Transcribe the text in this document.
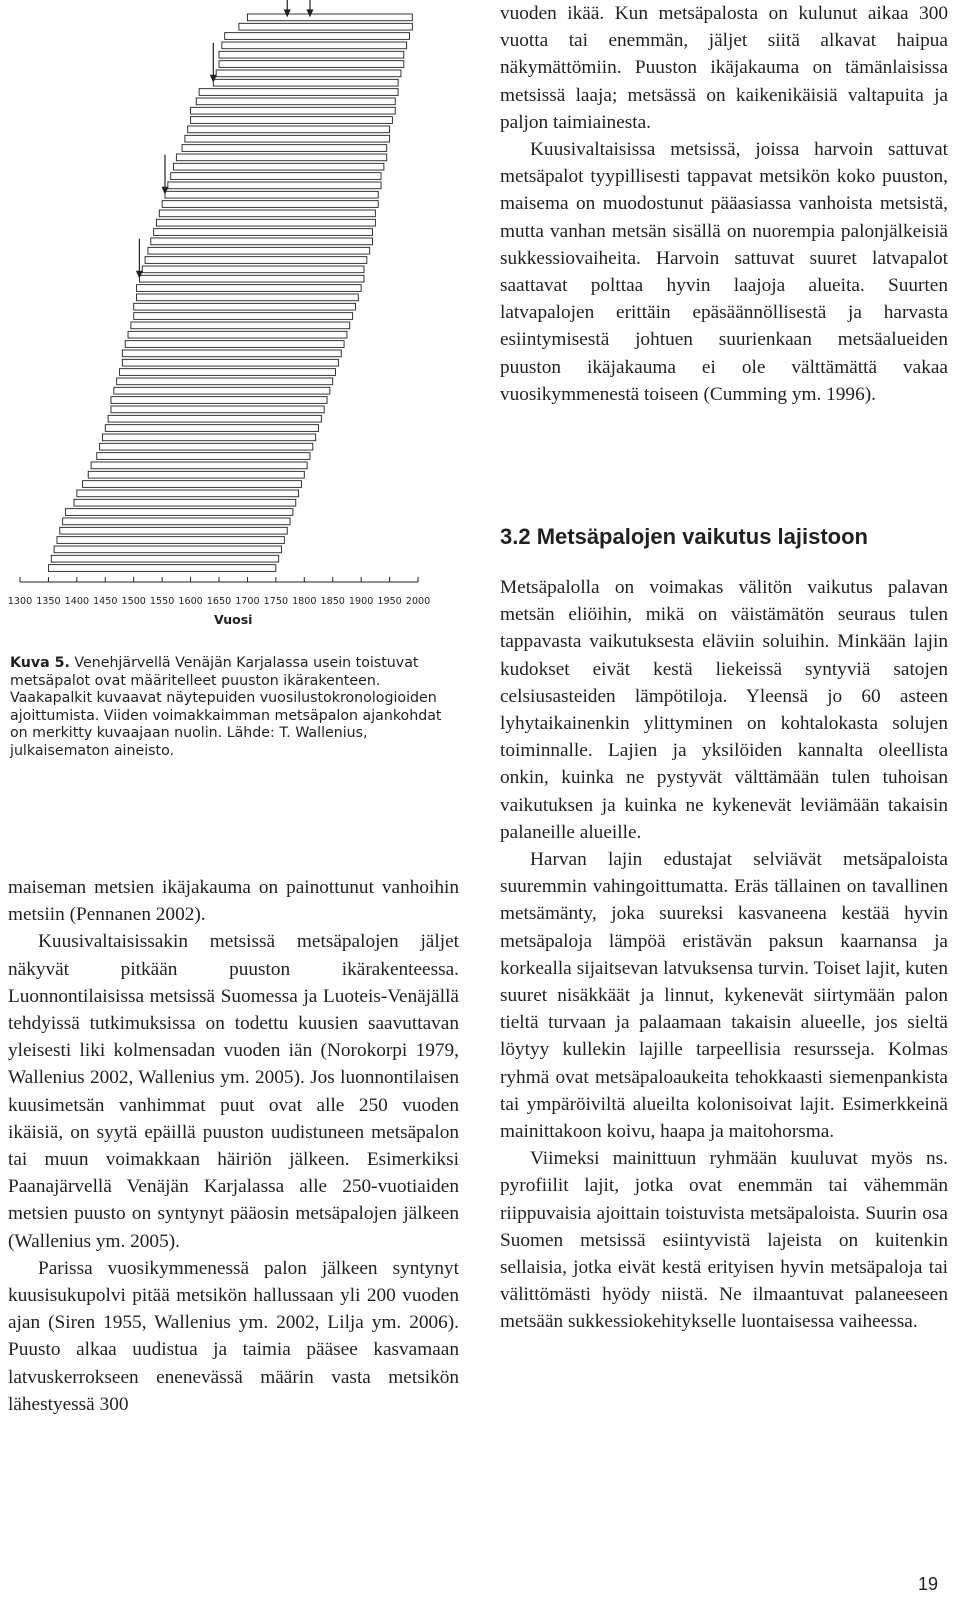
1300 1350 1400 1450 1500 1550 1600 1650 1700 1750 1800 1850 1900 1950 2000
Vuosi
Kuva 5. Venehjärvellä Venäjän Karjalassa usein toistuvat metsäpalot ovat määritelleet puuston ikärakenteen. Vaakapalkit kuvaavat näytepuiden vuosilustokronologioiden ajoittumista. Viiden voimakkaimman metsäpalon ajankohdat on merkitty kuvaajaan nuolin. Lähde: T. Wallenius, julkaisematon aineisto.

maiseman metsien ikäjakauma on painottunut vanhoihin metsiin (Pennanen 2002).

Kuusivaltaisissakin metsissä metsäpalojen jäljet näkyvät pitkään puuston ikärakenteessa. Luonnontilaisissa metsissä Suomessa ja Luoteis-Venäjällä tehdyissä tutkimuksissa on todettu kuusien saavuttavan yleisesti liki kolmensadan vuoden iän (Norokorpi 1979, Wallenius 2002, Wallenius ym. 2005). Jos luonnontilaisen kuusimetsän vanhimmat puut ovat alle 250 vuoden ikäisiä, on syytä epäillä puuston uudistuneen metsäpalon tai muun voimakkaan häiriön jälkeen. Esimerkiksi Paanajärvellä Venäjän Karjalassa alle 250-vuotiaiden metsien puusto on syntynyt pääosin metsäpalojen jälkeen (Wallenius ym. 2005).

Parissa vuosikymmenessä palon jälkeen syntynyt kuusisukupolvi pitää metsikön hallussaan yli 200 vuoden ajan (Siren 1955, Wallenius ym. 2002, Lilja ym. 2006). Puusto alkaa uudistua ja taimia pääsee kasvamaan latvuskerrokseen enenevässä määrin vasta metsikön lähestyessä 300

vuoden ikää. Kun metsäpalosta on kulunut aikaa 300 vuotta tai enemmän, jäljet siitä alkavat haipua näkymättömiin. Puuston ikäjakauma on tämänlaisissa metsissä laaja; metsässä on kaikenikäisiä valtapuita ja paljon taimiainesta.

Kuusivaltaisissa metsissä, joissa harvoin sattuvat metsäpalot tyypillisesti tappavat metsikön koko puuston, maisema on muodostunut pääasiassa vanhoista metsistä, mutta vanhan metsän sisällä on nuorempia palonjälkeisiä sukkessiovaiheita. Harvoin sattuvat suuret latvapalot saattavat polttaa hyvin laajoja alueita. Suurten latvapalojen erittäin epäsäännöllisestä ja harvasta esiintymisestä johtuen suurienkaan metsäalueiden puuston ikäjakauma ei ole välttämättä vakaa vuosikymmenestä toiseen (Cumming ym. 1996).

3.2 Metsäpalojen vaikutus lajistoon

Metsäpalolla on voimakas välitön vaikutus palavan metsän eliöihin, mikä on väistämätön seuraus tulen tappavasta vaikutuksesta eläviin soluihin. Minkään lajin kudokset eivät kestä liekeissä syntyviä satojen celsiusasteiden lämpötiloja. Yleensä jo 60 asteen lyhytaikainenkin ylittyminen on kohtalokasta solujen toiminnalle. Lajien ja yksilöiden kannalta oleellista onkin, kuinka ne pystyvät välttämään tulen tuhoisan vaikutuksen ja kuinka ne kykenevät leviämään takaisin palaneille alueille.

Harvan lajin edustajat selviävät metsäpaloista suuremmin vahingoittumatta. Eräs tällainen on tavallinen metsämänty, joka suureksi kasvaneena kestää hyvin metsäpaloja lämpöä eristävän paksun kaarnansa ja korkealla sijaitsevan latvuksensa turvin. Toiset lajit, kuten suuret nisäkkäät ja linnut, kykenevät siirtymään palon tieltä turvaan ja palaamaan takaisin alueelle, jos sieltä löytyy kullekin lajille tarpeellisia resursseja. Kolmas ryhmä ovat metsäpaloaukeita tehokkaasti siemenpankista tai ympäröiviltä alueilta kolonisoivat lajit. Esimerkkeinä mainittakoon koivu, haapa ja maitohorsma.

Viimeksi mainittuun ryhmään kuuluvat myös ns. pyrofiilit lajit, jotka ovat enemmän tai vähemmän riippuvaisia ajoittain toistuvista metsäpaloista. Suurin osa Suomen metsissä esiintyvistä lajeista on kuitenkin sellaisia, jotka eivät kestä erityisen hyvin metsäpaloja tai välittömästi hyödy niistä. Ne ilmaantuvat palaneeseen metsään sukkessiokehitykselle luontaisessa vaiheessa.

19
